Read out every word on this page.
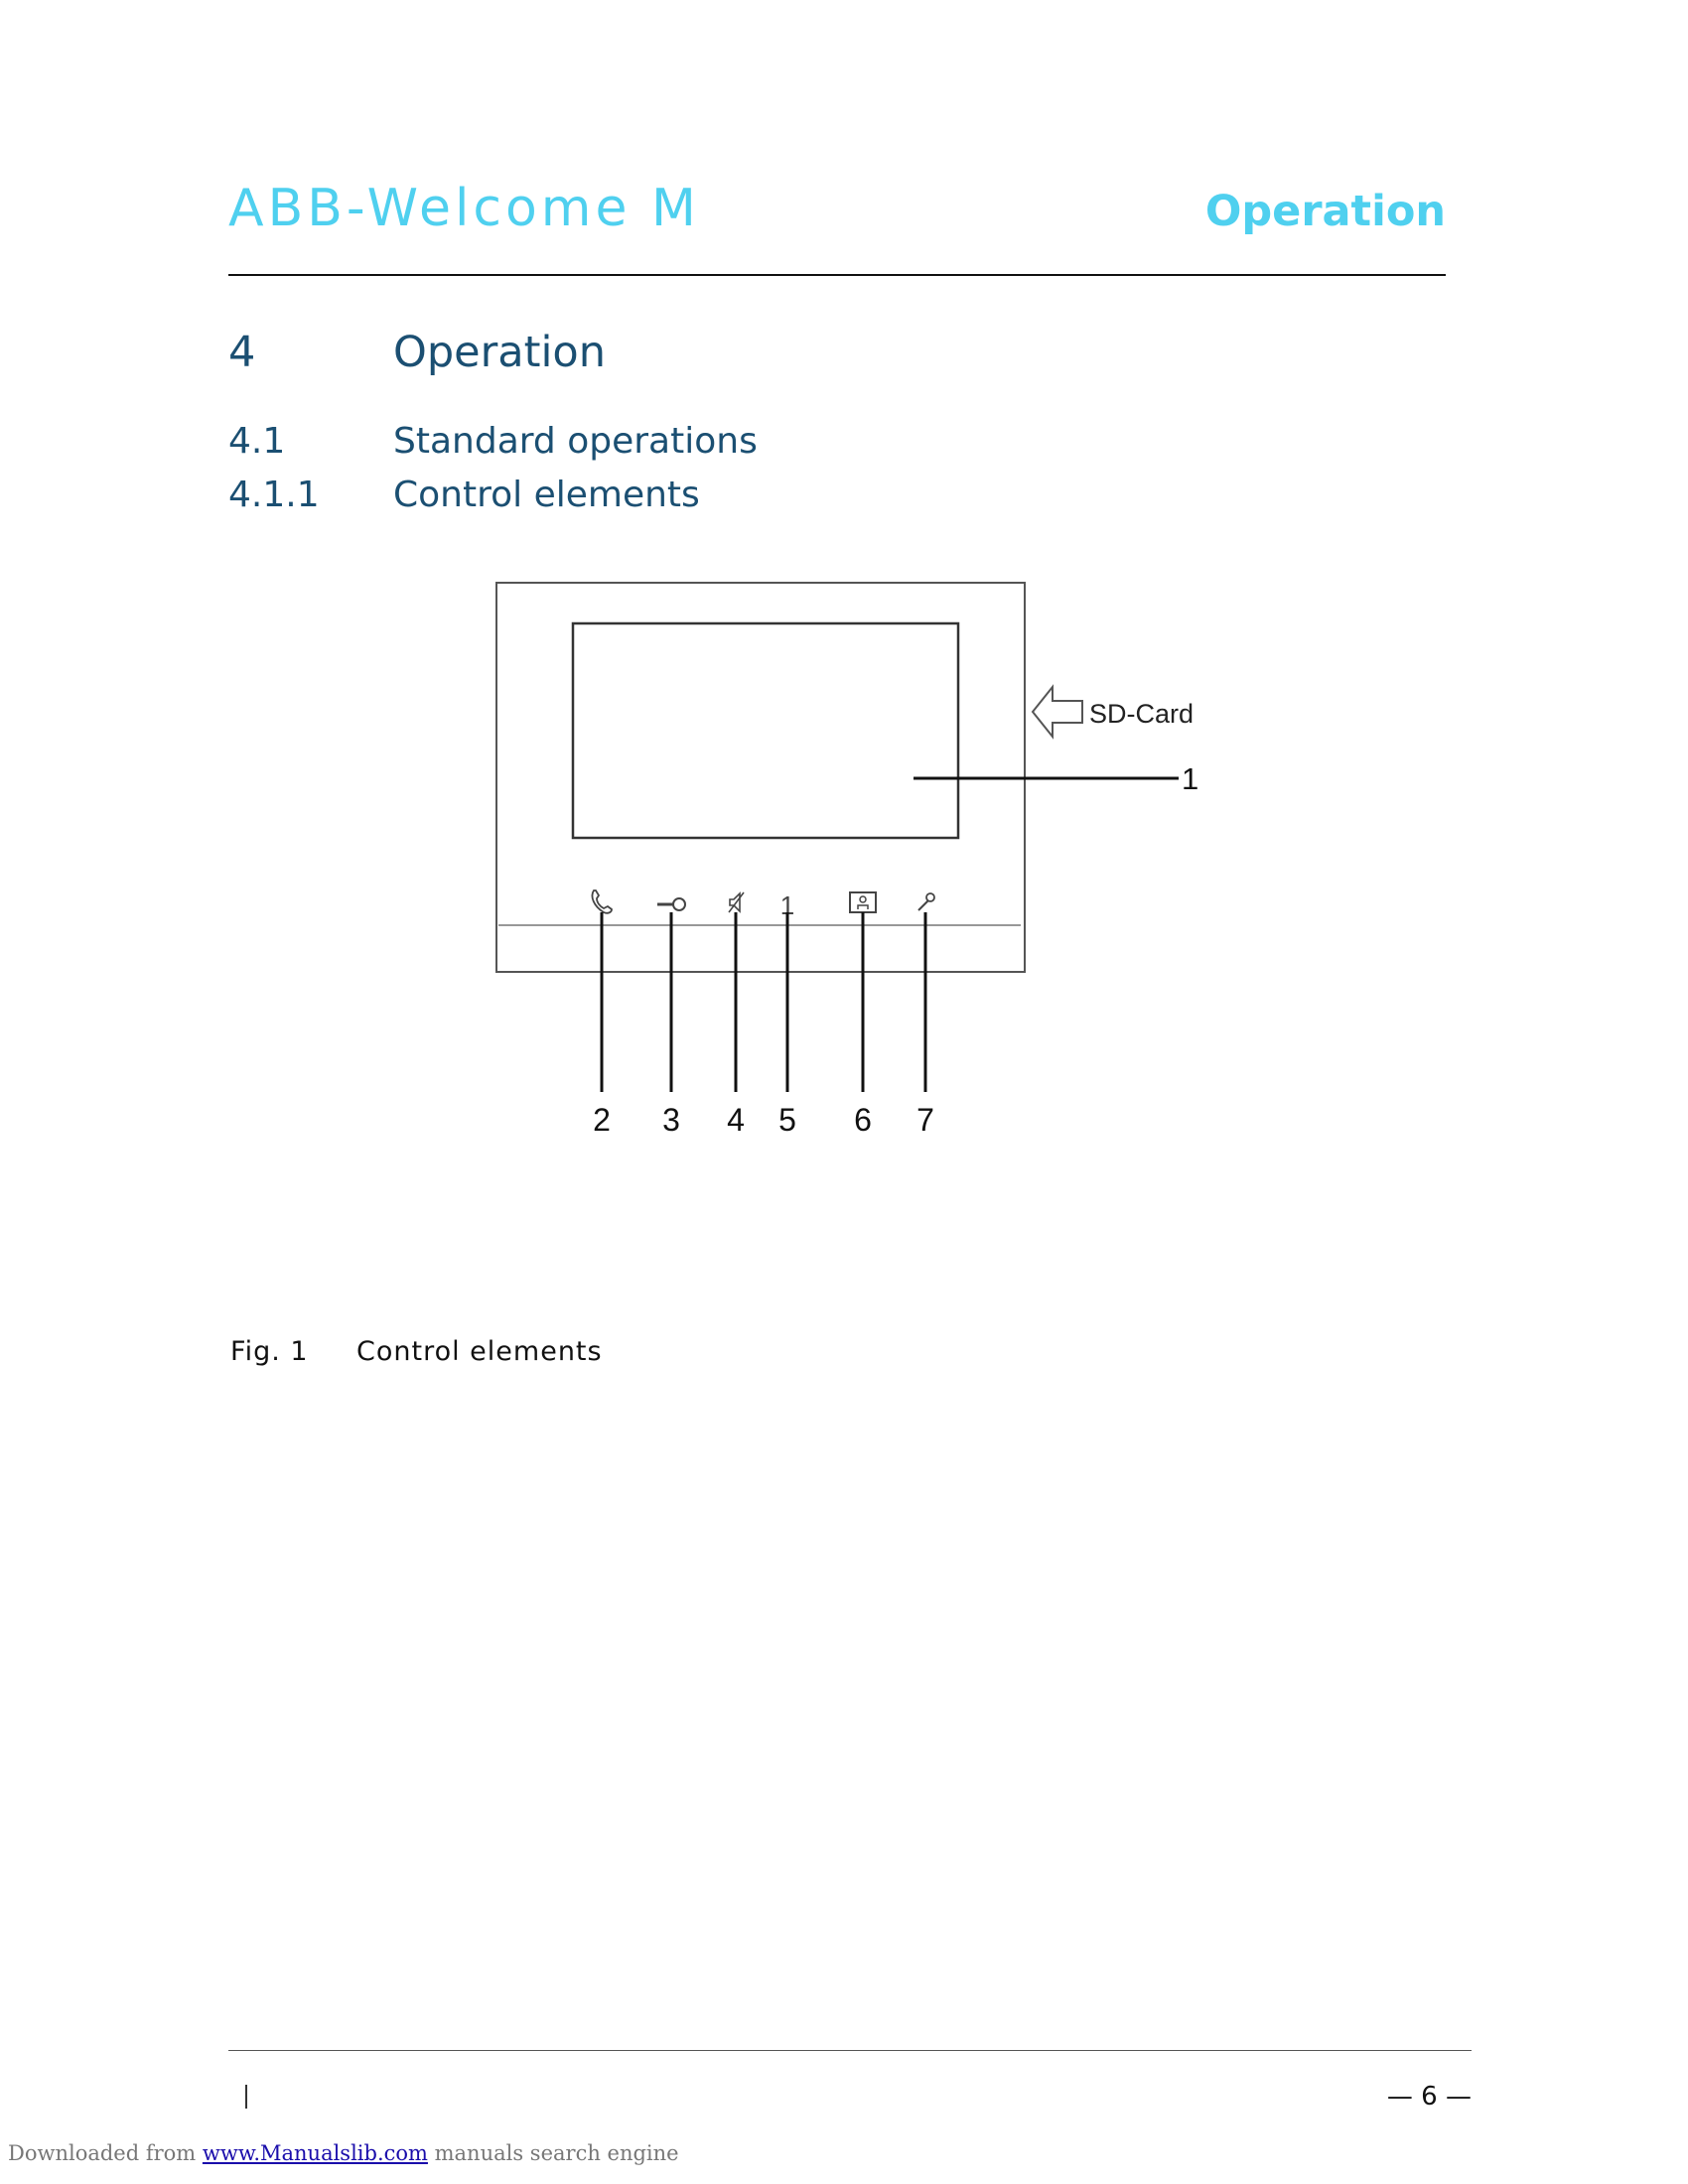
ABB-Welcome M	Operation
4	Operation
4.1	Standard operations
4.1.1 Control elements
SD-Card
1
1
2 3 4 5 6 7
Fig. 1 Control elements
— 6 —
Downloaded from www.Manualslib.com manuals search engine
